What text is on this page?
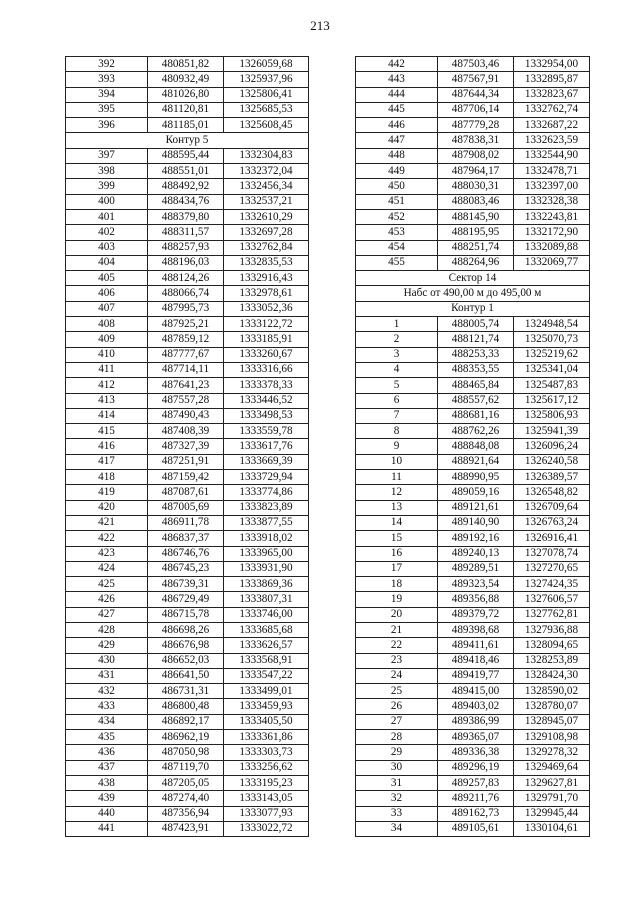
213
392	480851,82	1326059,68
393	480932,49	1325937,96
394	481026,80	1325806,41
395	481120,81	1325685,53
396	481185,01	1325608,45
Контур 5		
397	488595,44	1332304,83
398	488551,01	1332372,04
399	488492,92	1332456,34
400	488434,76	1332537,21
401	488379,80	1332610,29
402	488311,57	1332697,28
403	488257,93	1332762,84
404	488196,03	1332835,53
405	488124,26	1332916,43
406	488066,74	1332978,61
407	487995,73	1333052,36
408	487925,21	1333122,72
409	487859,12	1333185,91
410	487777,67	1333260,67
411	487714,11	1333316,66
412	487641,23	1333378,33
413	487557,28	1333446,52
414	487490,43	1333498,53
415	487408,39	1333559,78
416	487327,39	1333617,76
417	487251,91	1333669,39
418	487159,42	1333729,94
419	487087,61	1333774,86
420	487005,69	1333823,89
421	486911,78	1333877,55
422	486837,37	1333918,02
423	486746,76	1333965,00
424	486745,23	1333931,90
425	486739,31	1333869,36
426	486729,49	1333807,31
427	486715,78	1333746,00
428	486698,26	1333685,68
429	486676,98	1333626,57
430	486652,03	1333568,91
431	486641,50	1333547,22
432	486731,31	1333499,01
433	486800,48	1333459,93
434	486892,17	1333405,50
435	486962,19	1333361,86
436	487050,98	1333303,73
437	487119,70	1333256,62
438	487205,05	1333195,23
439	487274,40	1333143,05
440	487356,94	1333077,93
441	487423,91	1333022,72
442	487503,46	1332954,00
443	487567,91	1332895,87
444	487644,34	1332823,67
445	487706,14	1332762,74
446	487779,28	1332687,22
447	487838,31	1332623,59
448	487908,02	1332544,90
449	487964,17	1332478,71
450	488030,31	1332397,00
451	488083,46	1332328,38
452	488145,90	1332243,81
453	488195,95	1332172,90
454	488251,74	1332089,88
455	488264,96	1332069,77
Сектор 14		
Набс от 490,00 м до 495,00 м		
Контур 1		
1	488005,74	1324948,54
2	488121,74	1325070,73
3	488253,33	1325219,62
4	488353,55	1325341,04
5	488465,84	1325487,83
6	488557,62	1325617,12
7	488681,16	1325806,93
8	488762,26	1325941,39
9	488848,08	1326096,24
10	488921,64	1326240,58
11	488990,95	1326389,57
12	489059,16	1326548,82
13	489121,61	1326709,64
14	489140,90	1326763,24
15	489192,16	1326916,41
16	489240,13	1327078,74
17	489289,51	1327270,65
18	489323,54	1327424,35
19	489356,88	1327606,57
20	489379,72	1327762,81
21	489398,68	1327936,88
22	489411,61	1328094,65
23	489418,46	1328253,89
24	489419,77	1328424,30
25	489415,00	1328590,02
26	489403,02	1328780,07
27	489386,99	1328945,07
28	489365,07	1329108,98
29	489336,38	1329278,32
30	489296,19	1329469,64
31	489257,83	1329627,81
32	489211,76	1329791,70
33	489162,73	1329945,44
34	489105,61	1330104,61
